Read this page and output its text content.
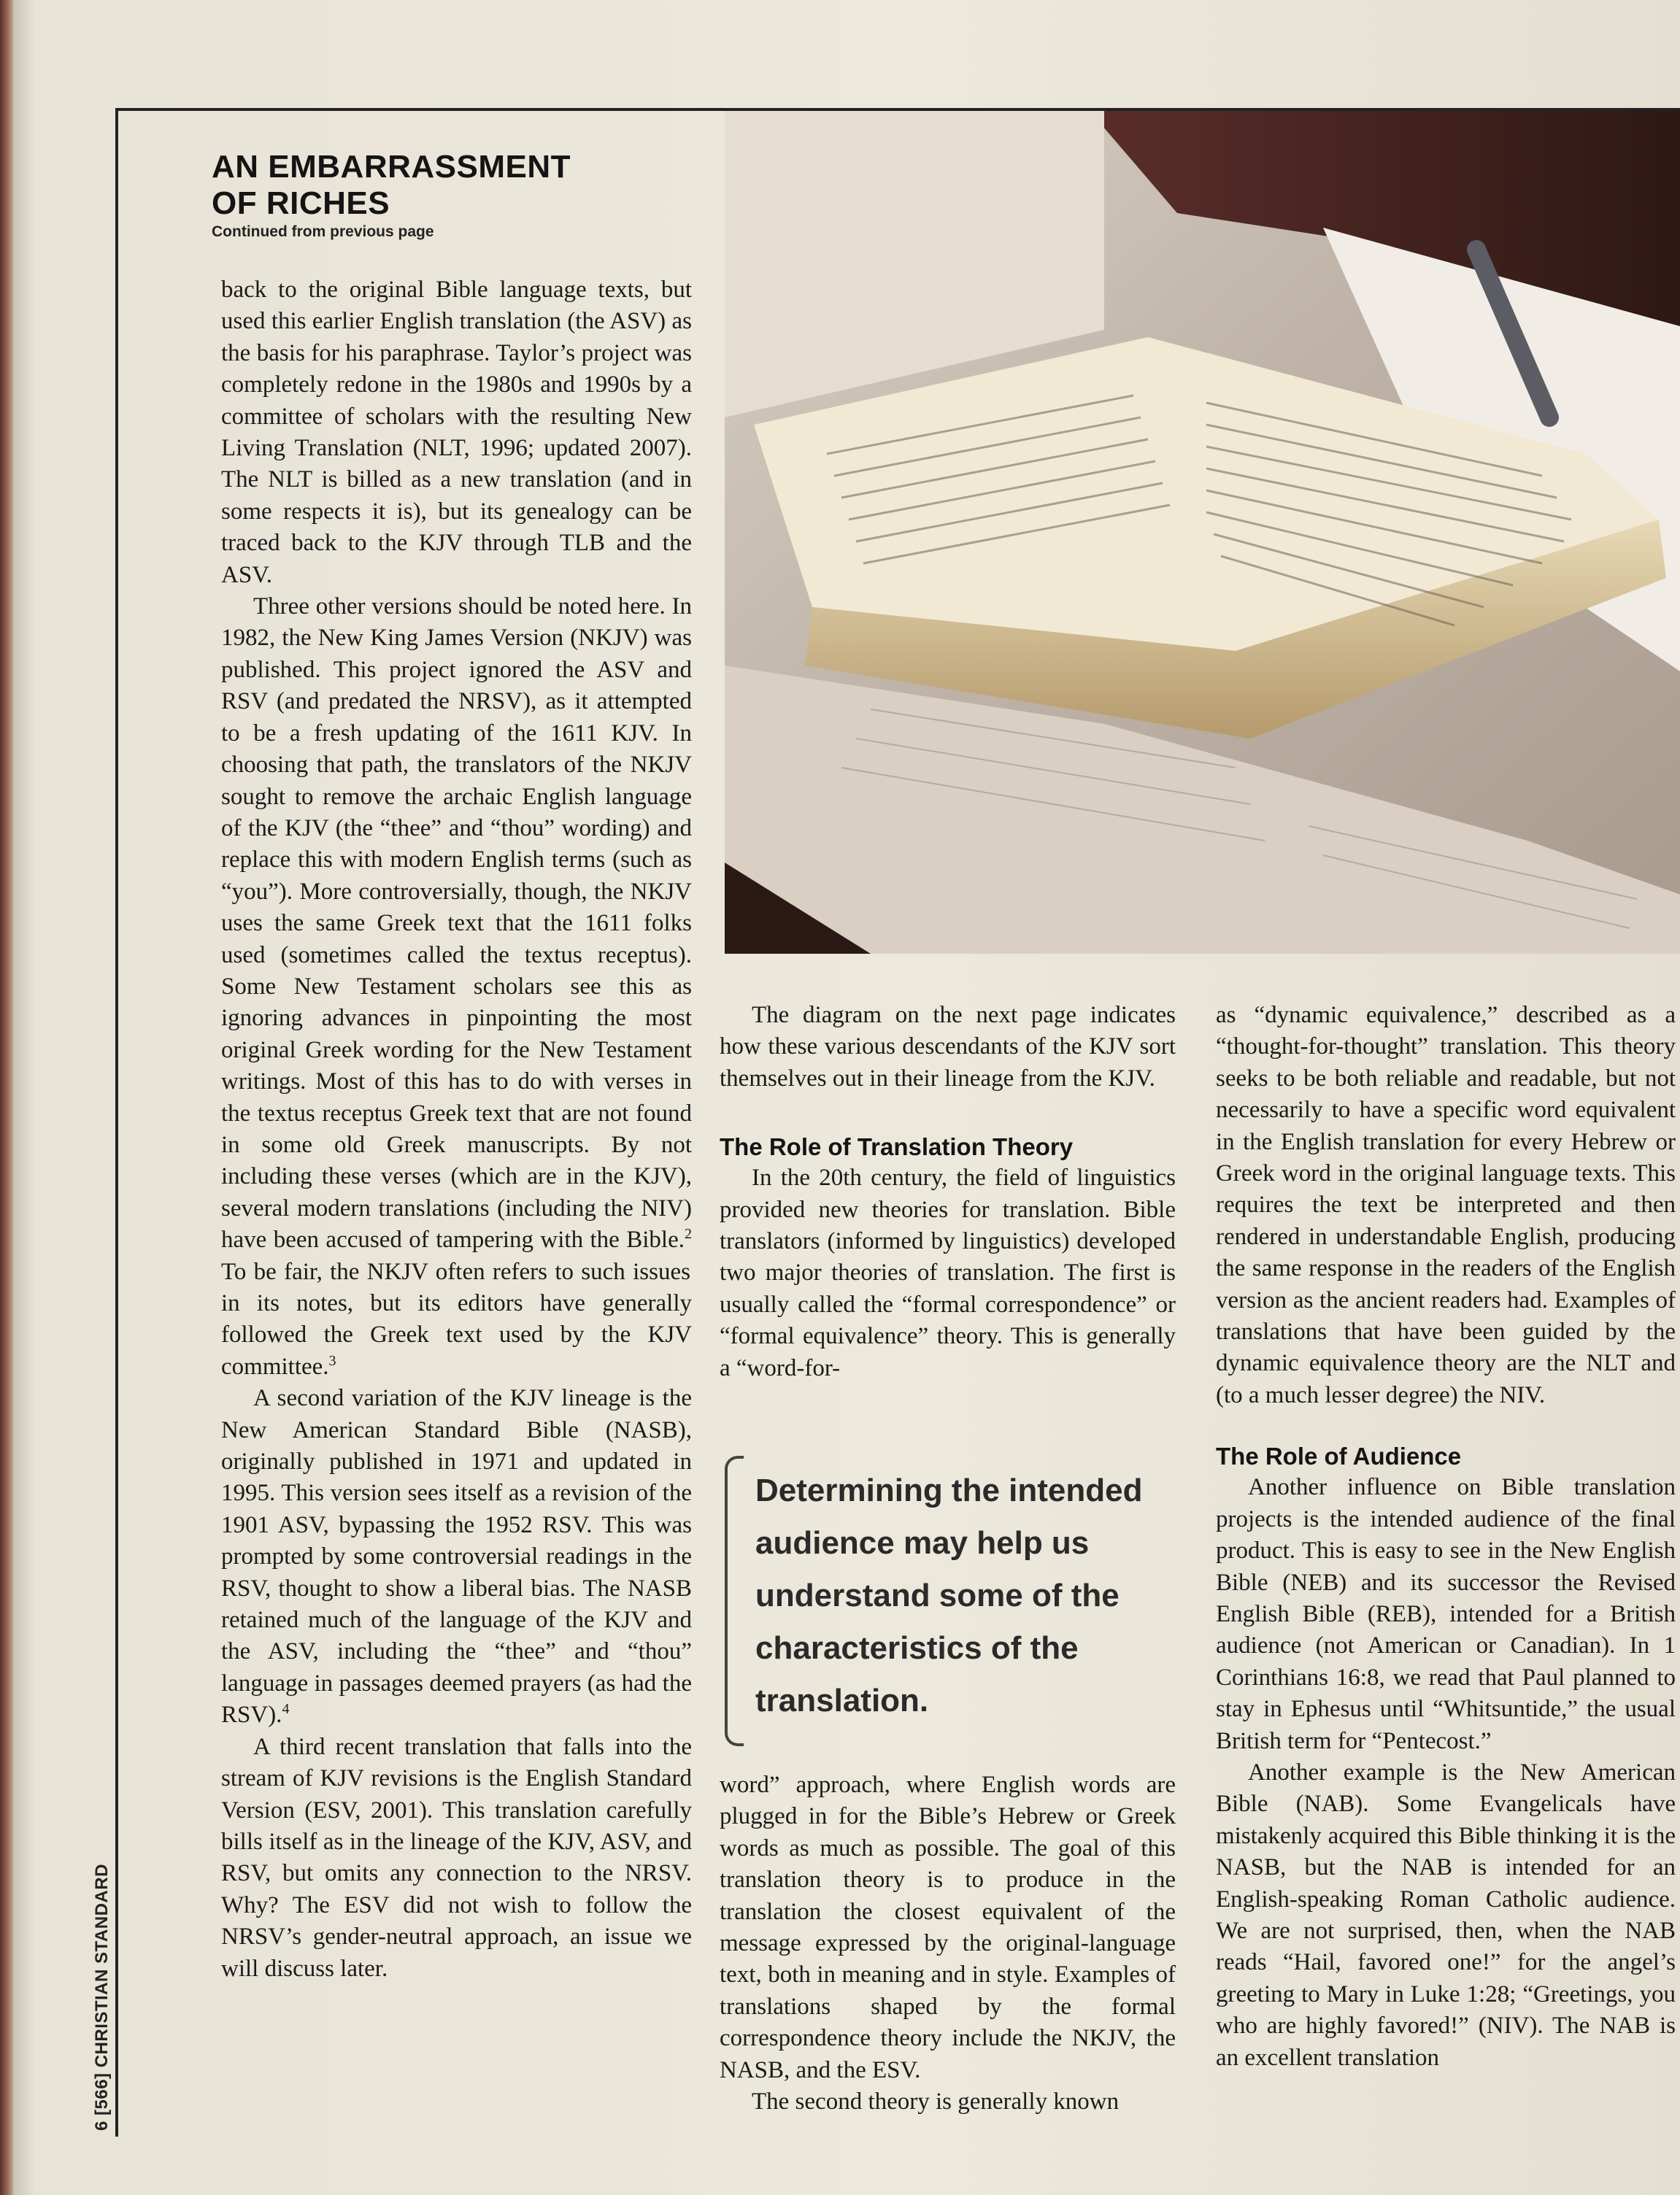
AN EMBARRASSMENT
OF RICHES
Continued from previous page

back to the original Bible language texts, but used this earlier English translation (the ASV) as the basis for his paraphrase. Taylor’s project was completely redone in the 1980s and 1990s by a committee of scholars with the resulting New Living Translation (NLT, 1996; updated 2007). The NLT is billed as a new translation (and in some respects it is), but its genealogy can be traced back to the KJV through TLB and the ASV.

Three other versions should be noted here. In 1982, the New King James Version (NKJV) was published. This project ignored the ASV and RSV (and predated the NRSV), as it attempted to be a fresh updating of the 1611 KJV. In choosing that path, the translators of the NKJV sought to remove the archaic English language of the KJV (the “thee” and “thou” wording) and replace this with modern English terms (such as “you”). More controversially, though, the NKJV uses the same Greek text that the 1611 folks used (sometimes called the textus receptus). Some New Testament scholars see this as ignoring advances in pinpointing the most original Greek wording for the New Testament writings. Most of this has to do with verses in the textus receptus Greek text that are not found in some old Greek manuscripts. By not including these verses (which are in the KJV), several modern translations (including the NIV) have been accused of tampering with the Bible.$^2$ To be fair, the NKJV often refers to such issues in its notes, but its editors have generally followed the Greek text used by the KJV committee.$^3$

A second variation of the KJV lineage is the New American Standard Bible (NASB), originally published in 1971 and updated in 1995. This version sees itself as a revision of the 1901 ASV, bypassing the 1952 RSV. This was prompted by some controversial readings in the RSV, thought to show a liberal bias. The NASB retained much of the language of the KJV and the ASV, including the “thee” and “thou” language in passages deemed prayers (as had the RSV).$^4$

A third recent translation that falls into the stream of KJV revisions is the English Standard Version (ESV, 2001). This translation carefully bills itself as in the lineage of the KJV, ASV, and RSV, but omits any connection to the NRSV. Why? The ESV did not wish to follow the NRSV’s gender-neutral approach, an issue we will discuss later.

The diagram on the next page indicates how these various descendants of the KJV sort themselves out in their lineage from the KJV.

The Role of Translation Theory

In the 20th century, the field of linguistics provided new theories for translation. Bible translators (informed by linguistics) developed two major theories of translation. The first is usually called the “formal correspondence” or “formal equivalence” theory. This is generally a “word-for-

Determining the intended audience may help us understand some of the characteristics of the translation.

word” approach, where English words are plugged in for the Bible’s Hebrew or Greek words as much as possible. The goal of this translation theory is to produce in the translation the closest equivalent of the message expressed by the original-language text, both in meaning and in style. Examples of translations shaped by the formal correspondence theory include the NKJV, the NASB, and the ESV.

The second theory is generally known

as “dynamic equivalence,” described as a “thought-for-thought” translation. This theory seeks to be both reliable and readable, but not necessarily to have a specific word equivalent in the English translation for every Hebrew or Greek word in the original language texts. This requires the text be interpreted and then rendered in understandable English, producing the same response in the readers of the English version as the ancient readers had. Examples of translations that have been guided by the dynamic equivalence theory are the NLT and (to a much lesser degree) the NIV.

The Role of Audience

Another influence on Bible translation projects is the intended audience of the final product. This is easy to see in the New English Bible (NEB) and its successor the Revised English Bible (REB), intended for a British audience (not American or Canadian). In 1 Corinthians 16:8, we read that Paul planned to stay in Ephesus until “Whitsuntide,” the usual British term for “Pentecost.”

Another example is the New American Bible (NAB). Some Evangelicals have mistakenly acquired this Bible thinking it is the NASB, but the NAB is intended for an English-speaking Roman Catholic audience. We are not surprised, then, when the NAB reads “Hail, favored one!” for the angel’s greeting to Mary in Luke 1:28; “Greetings, you who are highly favored!” (NIV). The NAB is an excellent translation

6 [566] CHRISTIAN STANDARD
